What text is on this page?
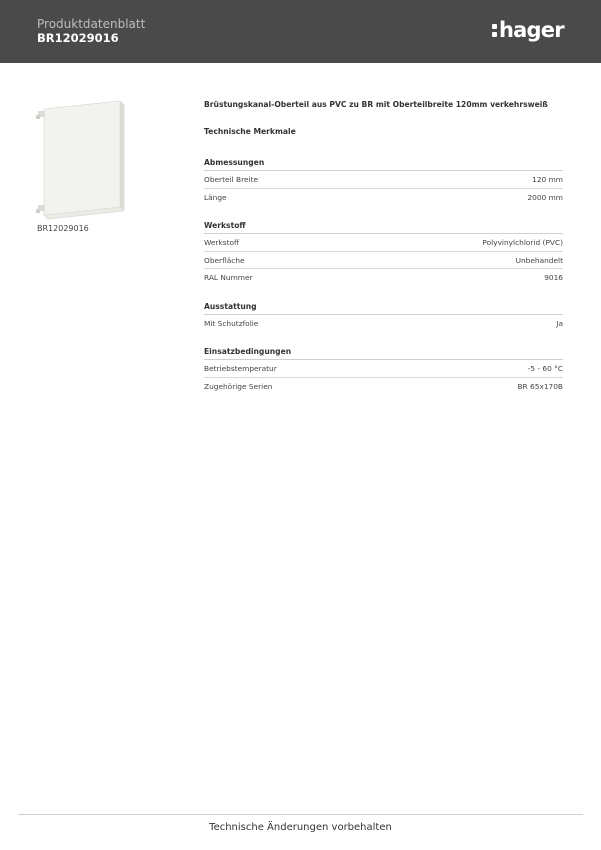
Produktdatenblatt
BR12029016	hager
BR12029016
Brüstungskanal-Oberteil aus PVC zu BR mit Oberteilbreite 120mm verkehrsweiß
Technische Merkmale
Abmessungen
Oberteil Breite	120 mm
Länge	2000 mm
Werkstoff
Werkstoff	Polyvinylchlorid (PVC)
Oberfläche	Unbehandelt
RAL Nummer	9016
Ausstattung
Mit Schutzfolie	Ja
Einsatzbedingungen
Betriebstemperatur	-5 - 60 °C
Zugehörige Serien	BR 65x170B
Technische Änderungen vorbehalten
